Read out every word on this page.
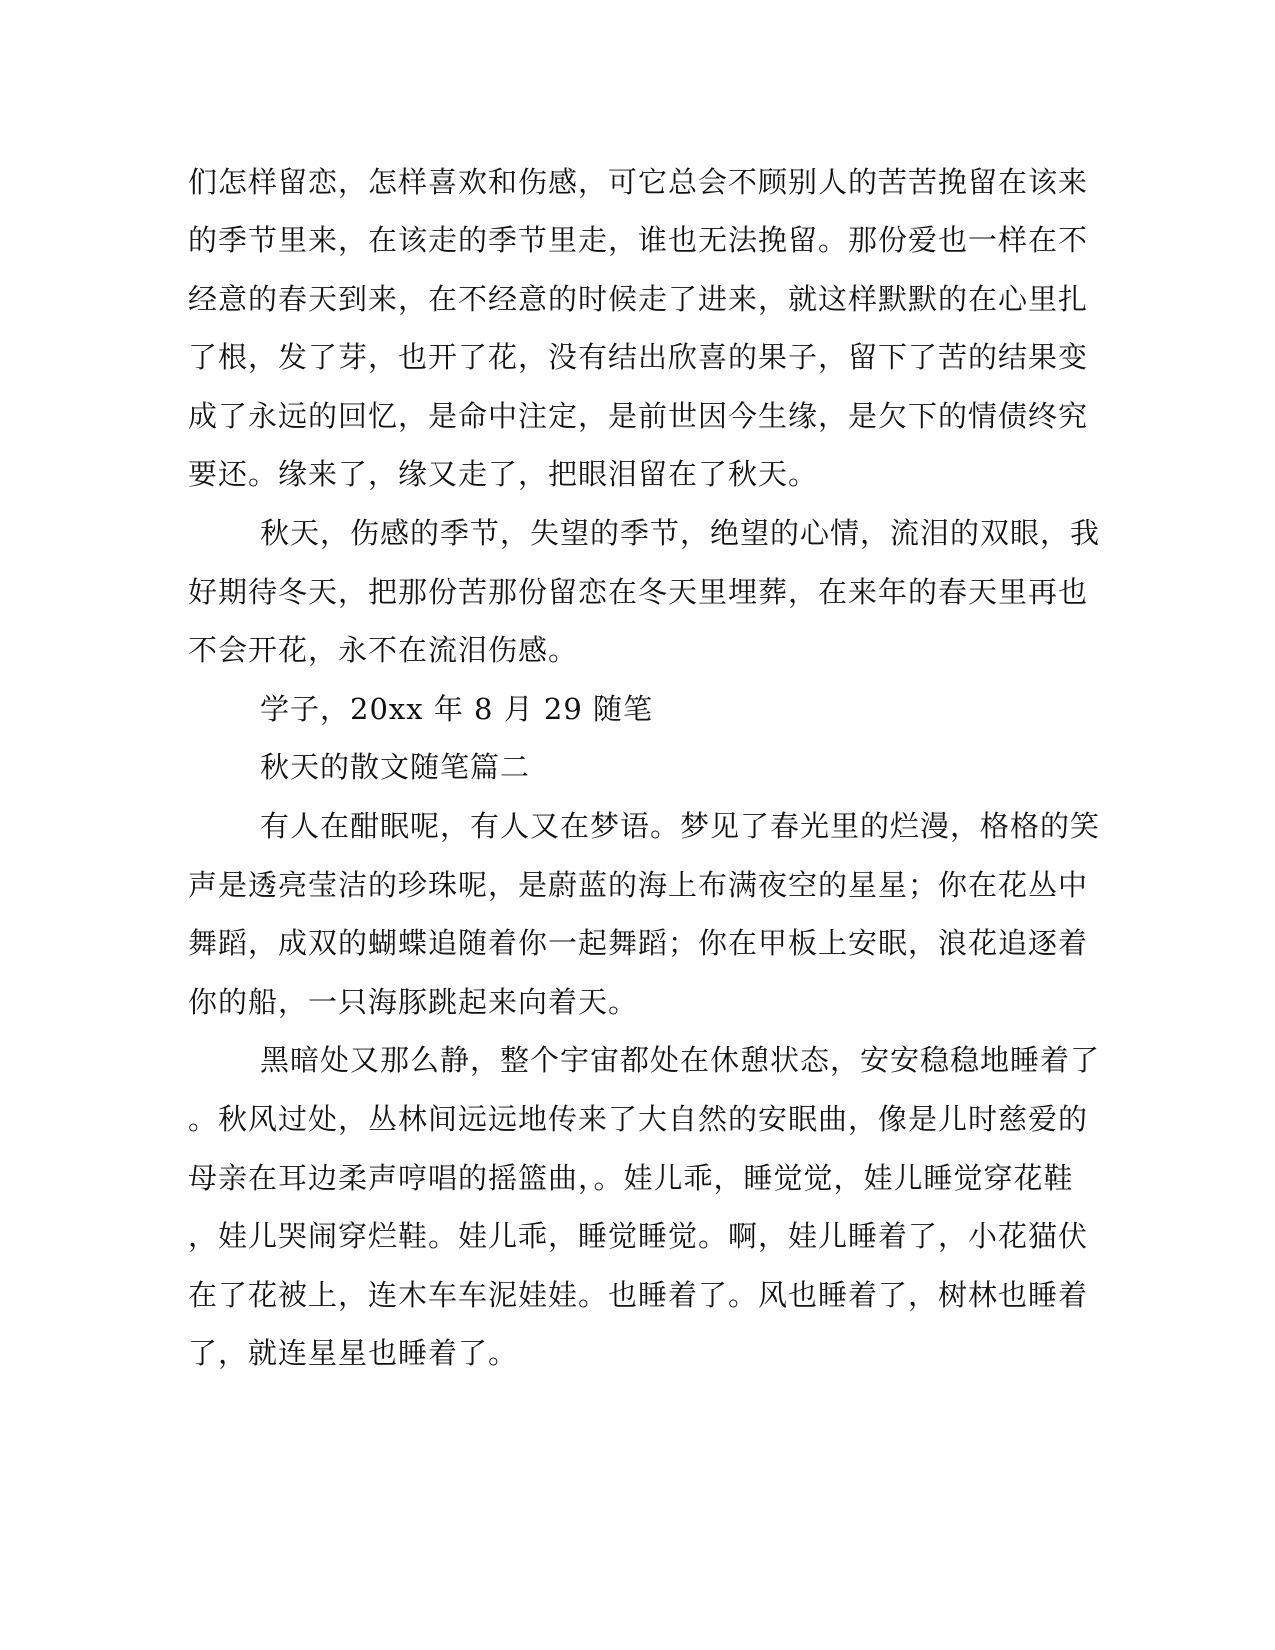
们怎样留恋，怎样喜欢和伤感，可它总会不顾别人的苦苦挽留在该来
的季节里来，在该走的季节里走，谁也无法挽留。那份爱也一样在不
经意的春天到来，在不经意的时候走了进来，就这样默默的在心里扎
了根，发了芽，也开了花，没有结出欣喜的果子，留下了苦的结果变
成了永远的回忆，是命中注定，是前世因今生缘，是欠下的情债终究
要还。缘来了，缘又走了，把眼泪留在了秋天。
秋天，伤感的季节，失望的季节，绝望的心情，流泪的双眼，我
好期待冬天，把那份苦那份留恋在冬天里埋葬，在来年的春天里再也
不会开花，永不在流泪伤感。
学子，20xx 年 8 月 29 随笔
秋天的散文随笔篇二
有人在酣眠呢，有人又在梦语。梦见了春光里的烂漫，格格的笑
声是透亮莹洁的珍珠呢，是蔚蓝的海上布满夜空的星星；你在花丛中
舞蹈，成双的蝴蝶追随着你一起舞蹈；你在甲板上安眠，浪花追逐着
你的船，一只海豚跳起来向着天。
黑暗处又那么静，整个宇宙都处在休憩状态，安安稳稳地睡着了
。秋风过处，丛林间远远地传来了大自然的安眠曲，像是儿时慈爱的
母亲在耳边柔声哼唱的摇篮曲，。娃儿乖，睡觉觉，娃儿睡觉穿花鞋
，娃儿哭闹穿烂鞋。娃儿乖，睡觉睡觉。啊，娃儿睡着了，小花猫伏
在了花被上，连木车车泥娃娃。也睡着了。风也睡着了，树林也睡着
了，就连星星也睡着了。
